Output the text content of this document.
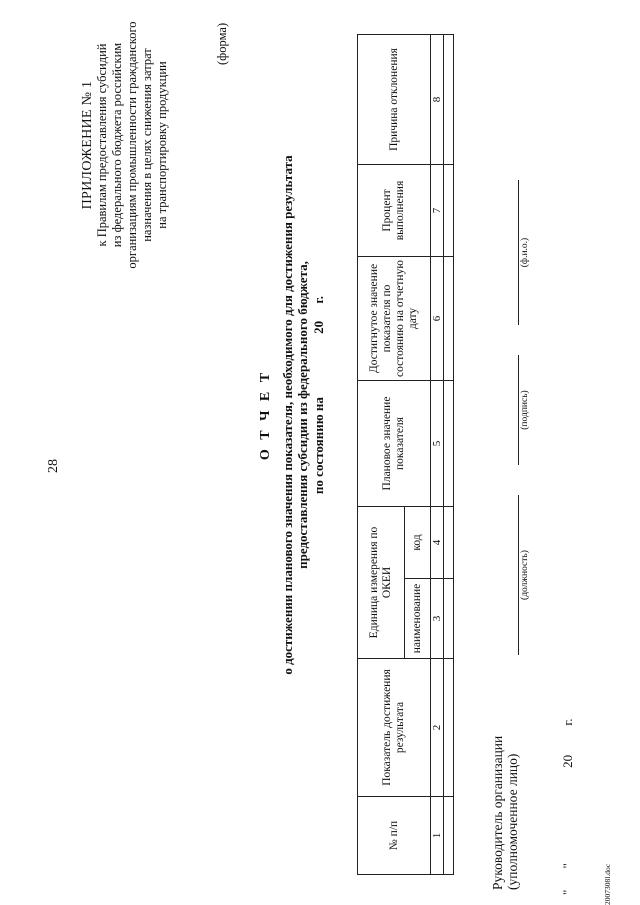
28
ПРИЛОЖЕНИЕ № 1 к Правилам предоставления субсидий из федерального бюджета российским организациям промышленности гражданского назначения в целях снижения затрат на транспортировку продукции
(форма)
О Т Ч Е Т о достижении планового значения показателя, необходимого для достижения результата предоставления субсидии из федерального бюджета, по состоянию на 20 г.
№ п/п	Показатель достижения результата	Единица измерения по ОКЕИ		Плановое значение показателя	Достигнутое значение показателя по состоянию на отчетную дату	Процент выполнения	Причина отклонения
		наименование	код				
1	2	3	4	5	6	7	8

Руководитель организации (уполномоченное лицо)
(должность)
(подпись)
(ф.и.о.)
" " 20 г.
2007308l.doc
